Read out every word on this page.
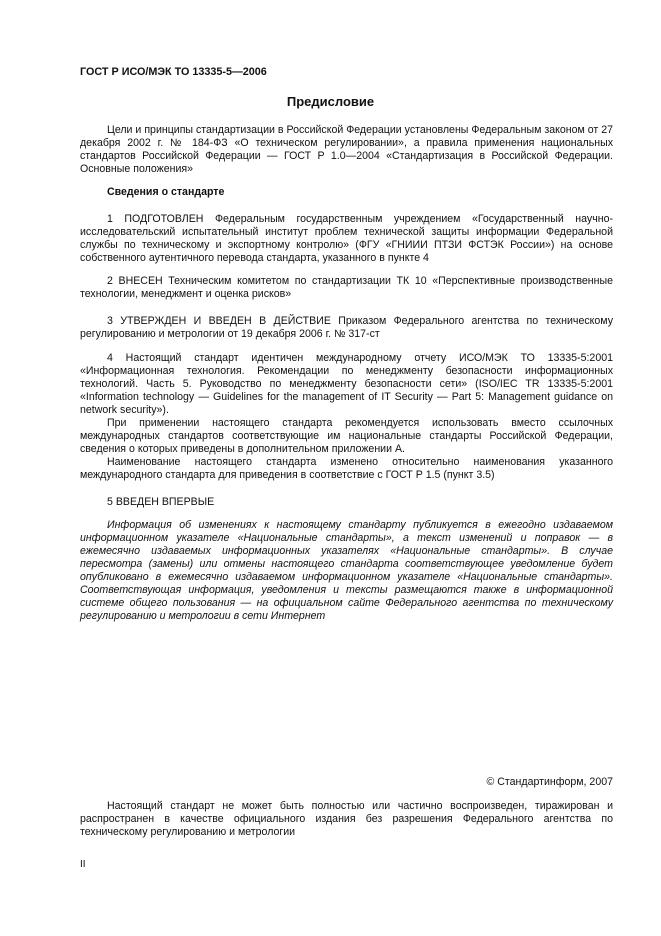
ГОСТ Р ИСО/МЭК ТО 13335-5—2006
Предисловие

Цели и принципы стандартизации в Российской Федерации установлены Федеральным законом от 27 декабря 2002 г. № 184-ФЗ «О техническом регулировании», а правила применения национальных стандартов Российской Федерации — ГОСТ Р 1.0—2004 «Стандартизация в Российской Федерации. Основные положения»

Сведения о стандарте

1 ПОДГОТОВЛЕН Федеральным государственным учреждением «Государственный научно-исследовательский испытательный институт проблем технической защиты информации Федеральной службы по техническому и экспортному контролю» (ФГУ «ГНИИИ ПТЗИ ФСТЭК России») на основе собственного аутентичного перевода стандарта, указанного в пункте 4

2 ВНЕСЕН Техническим комитетом по стандартизации ТК 10 «Перспективные производственные технологии, менеджмент и оценка рисков»

3 УТВЕРЖДЕН И ВВЕДЕН В ДЕЙСТВИЕ Приказом Федерального агентства по техническому регулированию и метрологии от 19 декабря 2006 г. № 317-ст

4 Настоящий стандарт идентичен международному отчету ИСО/МЭК ТО 13335-5:2001 «Информационная технология. Рекомендации по менеджменту безопасности информационных технологий. Часть 5. Руководство по менеджменту безопасности сети» (ISO/IEC TR 13335-5:2001 «Information technology — Guidelines for the management of IT Security — Part 5: Management guidance on network security»).

При применении настоящего стандарта рекомендуется использовать вместо ссылочных международных стандартов соответствующие им национальные стандарты Российской Федерации, сведения о которых приведены в дополнительном приложении А.

Наименование настоящего стандарта изменено относительно наименования указанного международного стандарта для приведения в соответствие с ГОСТ Р 1.5 (пункт 3.5)

5 ВВЕДЕН ВПЕРВЫЕ

Информация об изменениях к настоящему стандарту публикуется в ежегодно издаваемом информационном указателе «Национальные стандарты», а текст изменений и поправок — в ежемесячно издаваемых информационных указателях «Национальные стандарты». В случае пересмотра (замены) или отмены настоящего стандарта соответствующее уведомление будет опубликовано в ежемесячно издаваемом информационном указателе «Национальные стандарты». Соответствующая информация, уведомления и тексты размещаются также в информационной системе общего пользования — на официальном сайте Федерального агентства по техническому регулированию и метрологии в сети Интернет

© Стандартинформ, 2007

Настоящий стандарт не может быть полностью или частично воспроизведен, тиражирован и распространен в качестве официального издания без разрешения Федерального агентства по техническому регулированию и метрологии

II
